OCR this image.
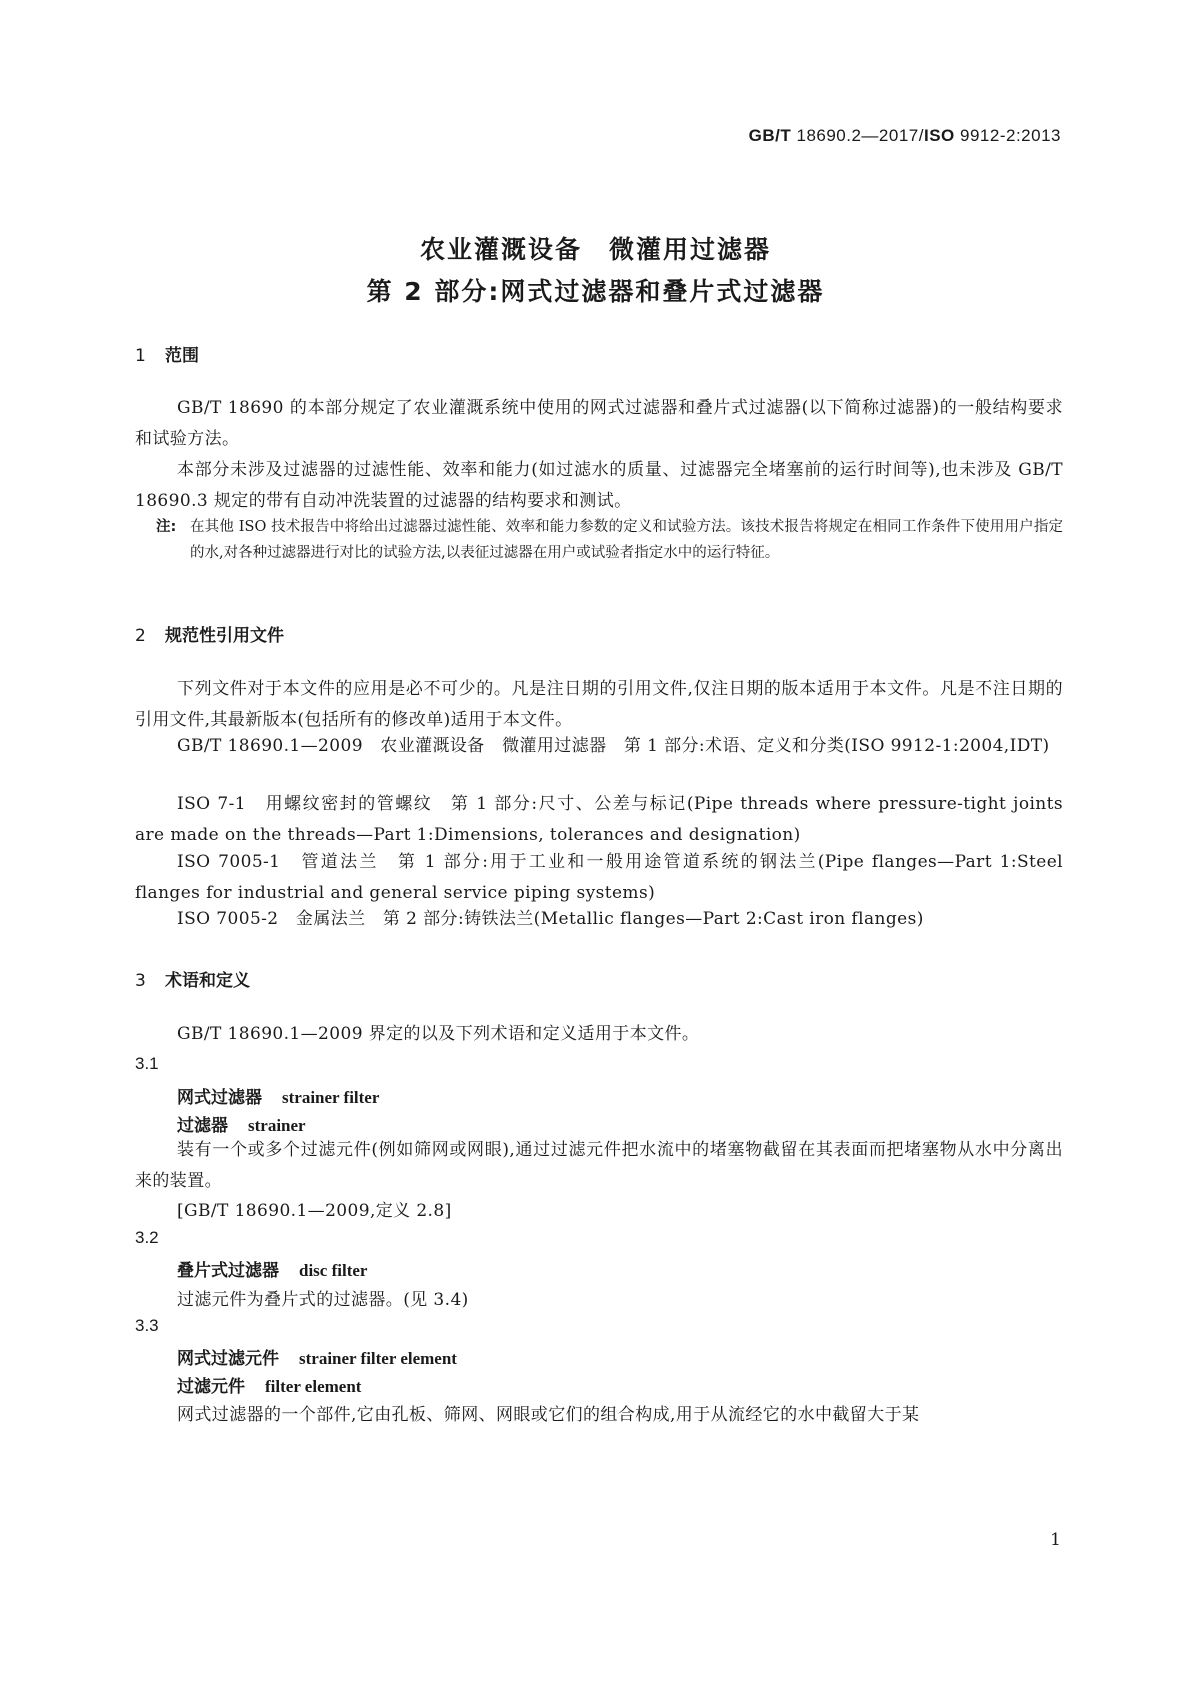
GB/T 18690.2—2017/ISO 9912-2:2013
农业灌溉设备　微灌用过滤器
第 2 部分:网式过滤器和叠片式过滤器
1 范围

GB/T 18690 的本部分规定了农业灌溉系统中使用的网式过滤器和叠片式过滤器(以下简称过滤器)的一般结构要求和试验方法。

本部分未涉及过滤器的过滤性能、效率和能力(如过滤水的质量、过滤器完全堵塞前的运行时间等),也未涉及 GB/T 18690.3 规定的带有自动冲洗装置的过滤器的结构要求和测试。

注: 在其他 ISO 技术报告中将给出过滤器过滤性能、效率和能力参数的定义和试验方法。该技术报告将规定在相同工作条件下使用用户指定的水,对各种过滤器进行对比的试验方法,以表征过滤器在用户或试验者指定水中的运行特征。

2 规范性引用文件

下列文件对于本文件的应用是必不可少的。凡是注日期的引用文件,仅注日期的版本适用于本文件。凡是不注日期的引用文件,其最新版本(包括所有的修改单)适用于本文件。

GB/T 18690.1—2009　农业灌溉设备　微灌用过滤器　第 1 部分:术语、定义和分类(ISO 9912-1:2004,IDT)

ISO 7-1　用螺纹密封的管螺纹　第 1 部分:尺寸、公差与标记(Pipe threads where pressure-tight joints are made on the threads—Part 1:Dimensions, tolerances and designation)

ISO 7005-1　管道法兰　第 1 部分:用于工业和一般用途管道系统的钢法兰(Pipe flanges—Part 1:Steel flanges for industrial and general service piping systems)

ISO 7005-2　金属法兰　第 2 部分:铸铁法兰(Metallic flanges—Part 2:Cast iron flanges)

3 术语和定义

GB/T 18690.1—2009 界定的以及下列术语和定义适用于本文件。

3.1
网式过滤器 strainer filter
过滤器 strainer

装有一个或多个过滤元件(例如筛网或网眼),通过过滤元件把水流中的堵塞物截留在其表面而把堵塞物从水中分离出来的装置。

[GB/T 18690.1—2009,定义 2.8]
3.2
叠片式过滤器 disc filter
过滤元件为叠片式的过滤器。(见 3.4)
3.3
网式过滤元件 strainer filter element
过滤元件 filter element
网式过滤器的一个部件,它由孔板、筛网、网眼或它们的组合构成,用于从流经它的水中截留大于某
1
